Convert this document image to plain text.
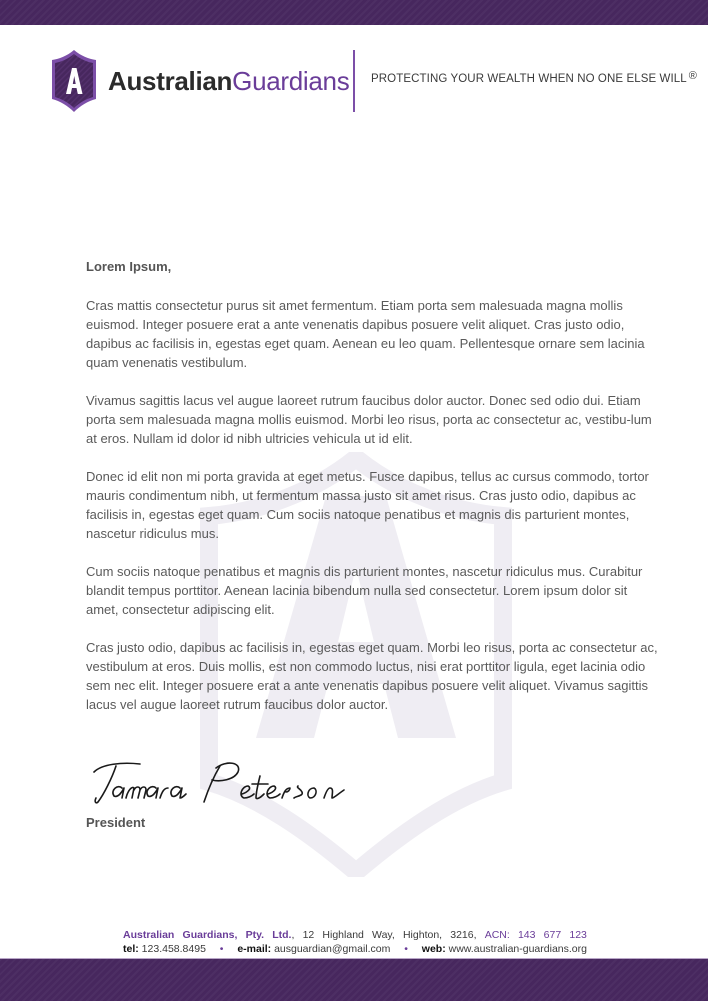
AustralianGuardians PROTECTING YOUR WEALTH WHEN NO ONE ELSE WILL ®

Lorem Ipsum,

Cras mattis consectetur purus sit amet fermentum. Etiam porta sem malesuada magna mollis euismod. Integer posuere erat a ante venenatis dapibus posuere velit aliquet. Cras justo odio, dapibus ac facilisis in, egestas eget quam. Aenean eu leo quam. Pellentesque ornare sem lacinia quam venenatis vestibulum.

Vivamus sagittis lacus vel augue laoreet rutrum faucibus dolor auctor. Donec sed odio dui. Etiam porta sem malesuada magna mollis euismod. Morbi leo risus, porta ac consectetur ac, vestibu-lum at eros. Nullam id dolor id nibh ultricies vehicula ut id elit.

Donec id elit non mi porta gravida at eget metus. Fusce dapibus, tellus ac cursus commodo, tortor mauris condimentum nibh, ut fermentum massa justo sit amet risus. Cras justo odio, dapibus ac facilisis in, egestas eget quam. Cum sociis natoque penatibus et magnis dis parturient montes, nascetur ridiculus mus.

Cum sociis natoque penatibus et magnis dis parturient montes, nascetur ridiculus mus. Curabitur blandit tempus porttitor. Aenean lacinia bibendum nulla sed consectetur. Lorem ipsum dolor sit amet, consectetur adipiscing elit.

Cras justo odio, dapibus ac facilisis in, egestas eget quam. Morbi leo risus, porta ac consectetur ac, vestibulum at eros. Duis mollis, est non commodo luctus, nisi erat porttitor ligula, eget lacinia odio sem nec elit. Integer posuere erat a ante venenatis dapibus posuere velit aliquet. Vivamus sagittis lacus vel augue laoreet rutrum faucibus dolor auctor.

President
Australian Guardians, Pty. Ltd., 12 Highland Way, Highton, 3216, ACN: 143 677 123
tel: 123.458.8495 • e-mail: ausguardian@gmail.com • web: www.australian-guardians.org
